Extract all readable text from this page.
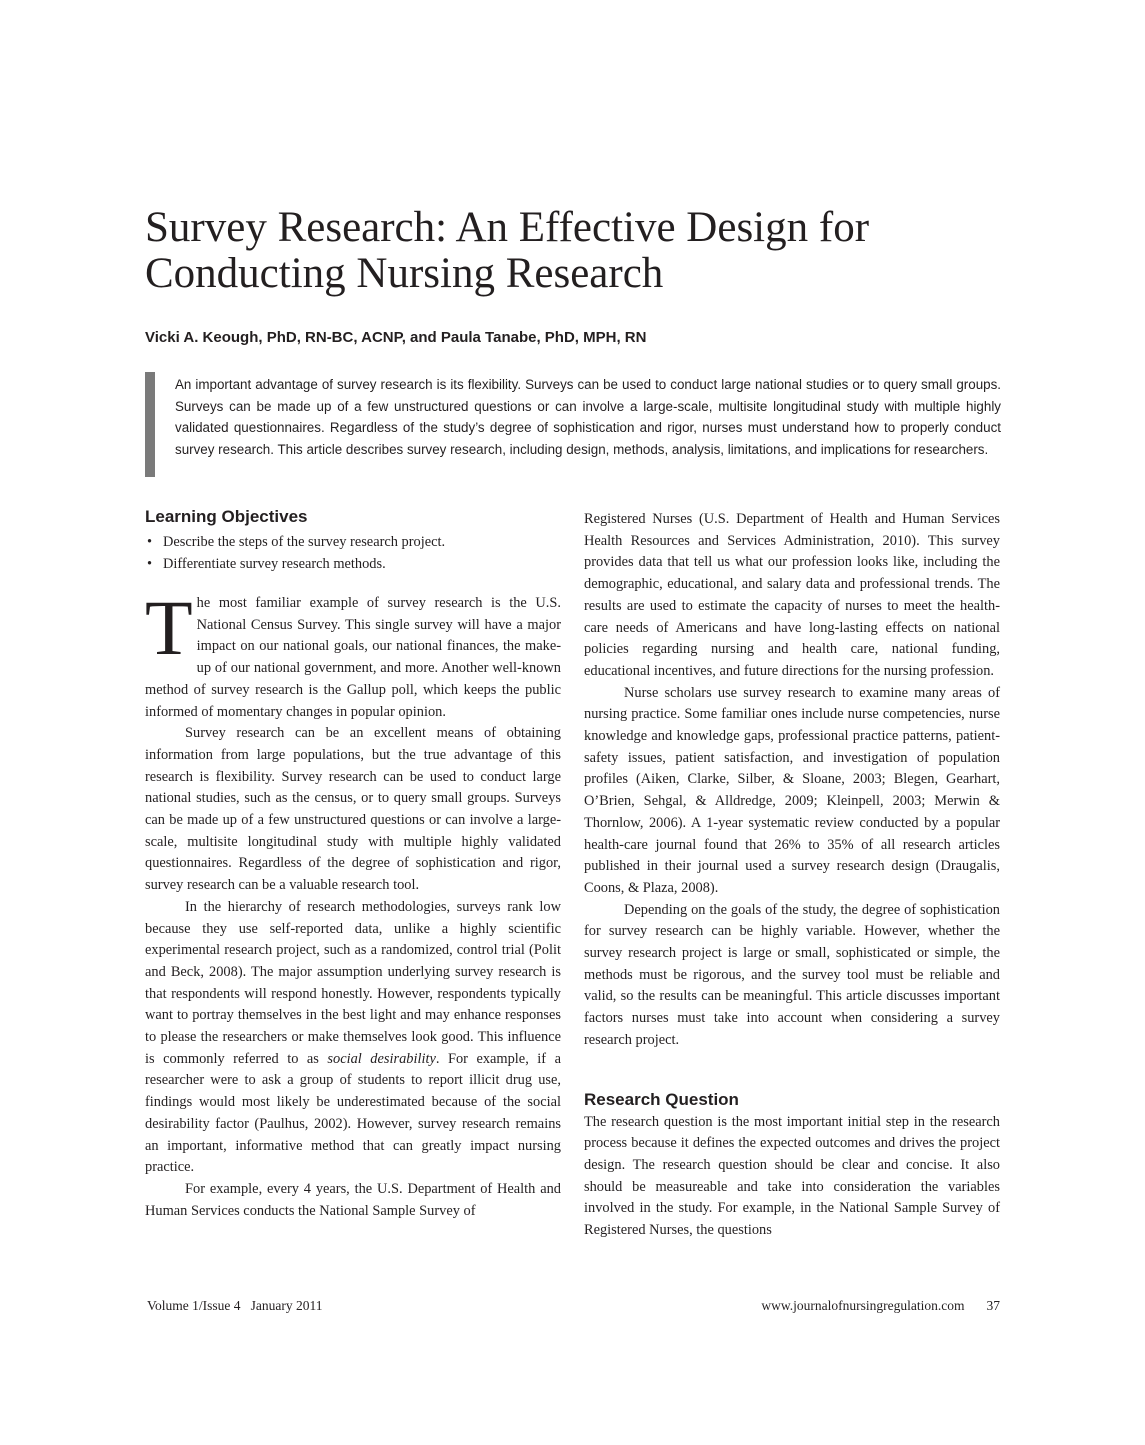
Survey Research: An Effective Design for Conducting Nursing Research
Vicki A. Keough, PhD, RN-BC, ACNP, and Paula Tanabe, PhD, MPH, RN

An important advantage of survey research is its flexibility. Surveys can be used to conduct large national studies or to query small groups. Surveys can be made up of a few unstructured questions or can involve a large-scale, multisite longitudinal study with multiple highly validated questionnaires. Regardless of the study’s degree of sophistication and rigor, nurses must understand how to properly conduct survey research. This article describes survey research, including design, methods, analysis, limitations, and implications for researchers.

Learning Objectives
• Describe the steps of the survey research project.
• Differentiate survey research methods.

The most familiar example of survey research is the U.S. National Census Survey. This single survey will have a major impact on our national goals, our national finances, the make-up of our national government, and more. Another well-known method of survey research is the Gallup poll, which keeps the public informed of momentary changes in popular opinion.

Survey research can be an excellent means of obtaining information from large populations, but the true advantage of this research is flexibility. Survey research can be used to conduct large national studies, such as the census, or to query small groups. Surveys can be made up of a few unstructured questions or can involve a large-scale, multisite longitudinal study with multiple highly validated questionnaires. Regardless of the degree of sophistication and rigor, survey research can be a valuable research tool.

In the hierarchy of research methodologies, surveys rank low because they use self-reported data, unlike a highly scientific experimental research project, such as a randomized, control trial (Polit and Beck, 2008). The major assumption underlying survey research is that respondents will respond honestly. However, respondents typically want to portray themselves in the best light and may enhance responses to please the researchers or make themselves look good. This influence is commonly referred to as social desirability. For example, if a researcher were to ask a group of students to report illicit drug use, findings would most likely be underestimated because of the social desirability factor (Paulhus, 2002). However, survey research remains an important, informative method that can greatly impact nursing practice.

For example, every 4 years, the U.S. Department of Health and Human Services conducts the National Sample Survey of

Registered Nurses (U.S. Department of Health and Human Services Health Resources and Services Administration, 2010). This survey provides data that tell us what our profession looks like, including the demographic, educational, and salary data and professional trends. The results are used to estimate the capacity of nurses to meet the health-care needs of Americans and have long-lasting effects on national policies regarding nursing and health care, national funding, educational incentives, and future directions for the nursing profession.

Nurse scholars use survey research to examine many areas of nursing practice. Some familiar ones include nurse competencies, nurse knowledge and knowledge gaps, professional practice patterns, patient-safety issues, patient satisfaction, and investigation of population profiles (Aiken, Clarke, Silber, & Sloane, 2003; Blegen, Gearhart, O’Brien, Sehgal, & Alldredge, 2009; Kleinpell, 2003; Merwin & Thornlow, 2006). A 1-year systematic review conducted by a popular health-care journal found that 26% to 35% of all research articles published in their journal used a survey research design (Draugalis, Coons, & Plaza, 2008).

Depending on the goals of the study, the degree of sophistication for survey research can be highly variable. However, whether the survey research project is large or small, sophisticated or simple, the methods must be rigorous, and the survey tool must be reliable and valid, so the results can be meaningful. This article discusses important factors nurses must take into account when considering a survey research project.

Research Question

The research question is the most important initial step in the research process because it defines the expected outcomes and drives the project design. The research question should be clear and concise. It also should be measureable and take into consideration the variables involved in the study. For example, in the National Sample Survey of Registered Nurses, the questions

Volume 1/Issue 4   January 2011	www.journalofnursingregulation.com 37
